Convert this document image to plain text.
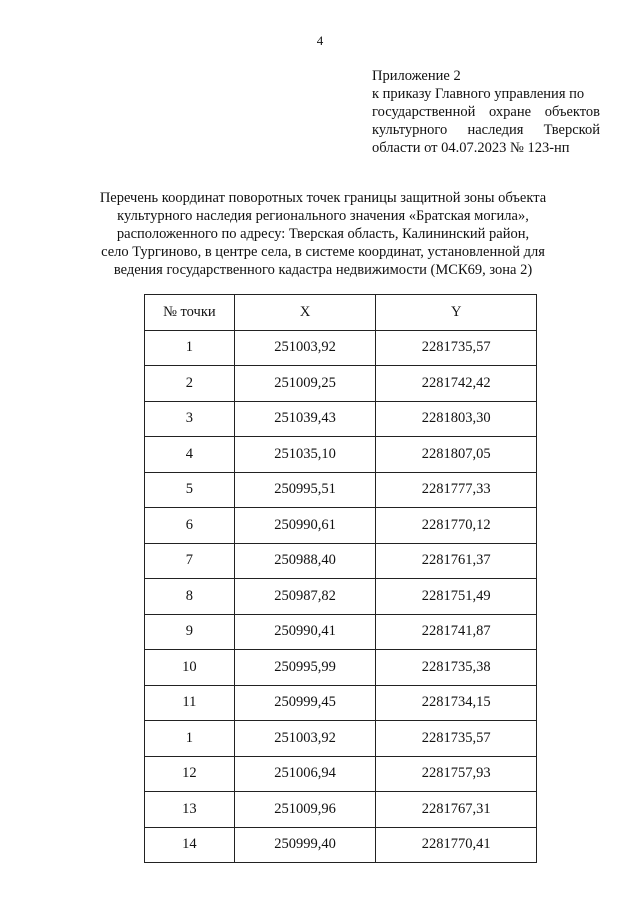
4
Приложение 2
к приказу Главного управления по
государственной охране объектов
культурного наследия Тверской
области от 04.07.2023 № 123-нп
Перечень координат поворотных точек границы защитной зоны объекта
культурного наследия регионального значения «Братская могила»,
расположенного по адресу: Тверская область, Калининский район,
село Тургиново, в центре села, в системе координат, установленной для
ведения государственного кадастра недвижимости (МСК69, зона 2)
№ точки	X	Y
1	251003,92	2281735,57
2	251009,25	2281742,42
3	251039,43	2281803,30
4	251035,10	2281807,05
5	250995,51	2281777,33
6	250990,61	2281770,12
7	250988,40	2281761,37
8	250987,82	2281751,49
9	250990,41	2281741,87
10	250995,99	2281735,38
11	250999,45	2281734,15
1	251003,92	2281735,57
12	251006,94	2281757,93
13	251009,96	2281767,31
14	250999,40	2281770,41
